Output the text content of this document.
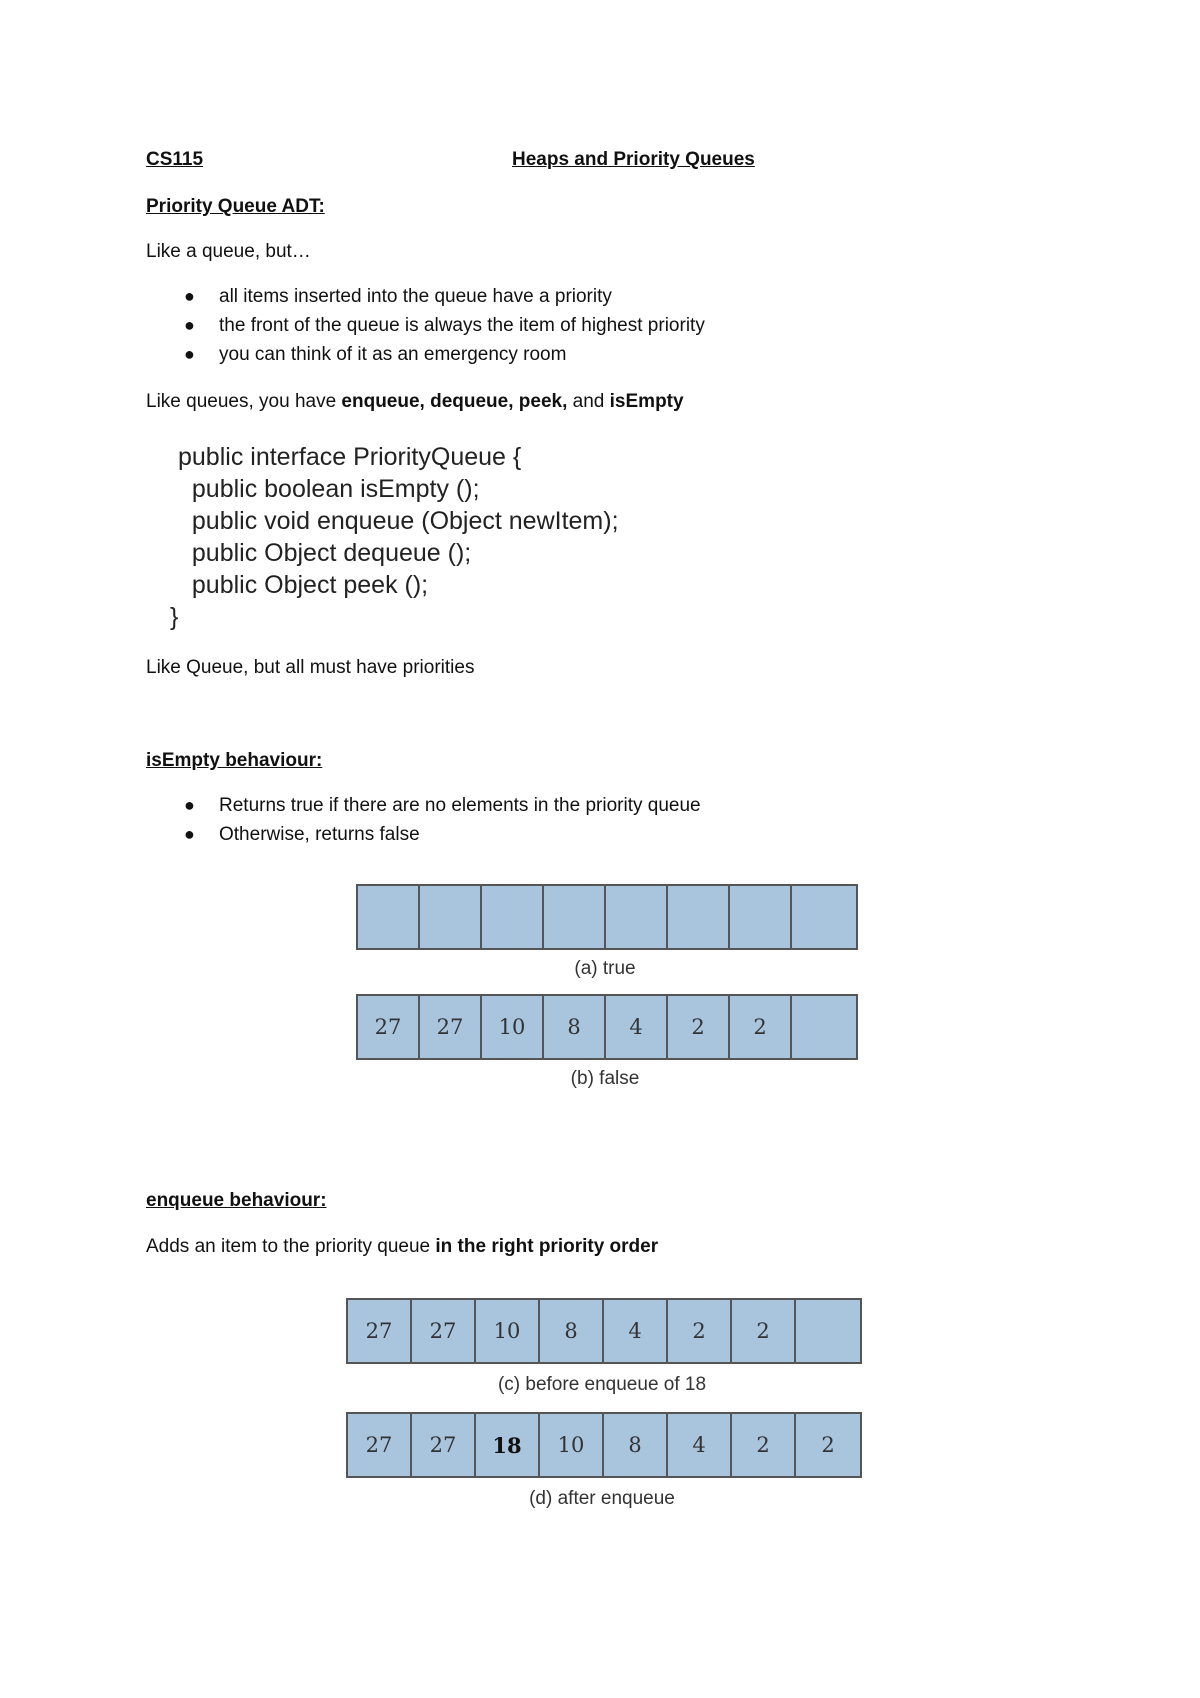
CS115	Heaps and Priority Queues
Priority Queue ADT:
Like a queue, but…
● all items inserted into the queue have a priority
● the front of the queue is always the item of highest priority
● you can think of it as an emergency room
Like queues, you have enqueue, dequeue, peek, and isEmpty
public interface PriorityQueue {
public boolean isEmpty ();
public void enqueue (Object newItem);
public Object dequeue ();
public Object peek ();
}
Like Queue, but all must have priorities
isEmpty behaviour:
● Returns true if there are no elements in the priority queue
● Otherwise, returns false
(a) true
27	27	10	8	4	2	2
(b) false
enqueue behaviour:
Adds an item to the priority queue in the right priority order
27	27	10	8	4	2	2
(c) before enqueue of 18
27	27	18	10	8	4	2	2
(d) after enqueue
